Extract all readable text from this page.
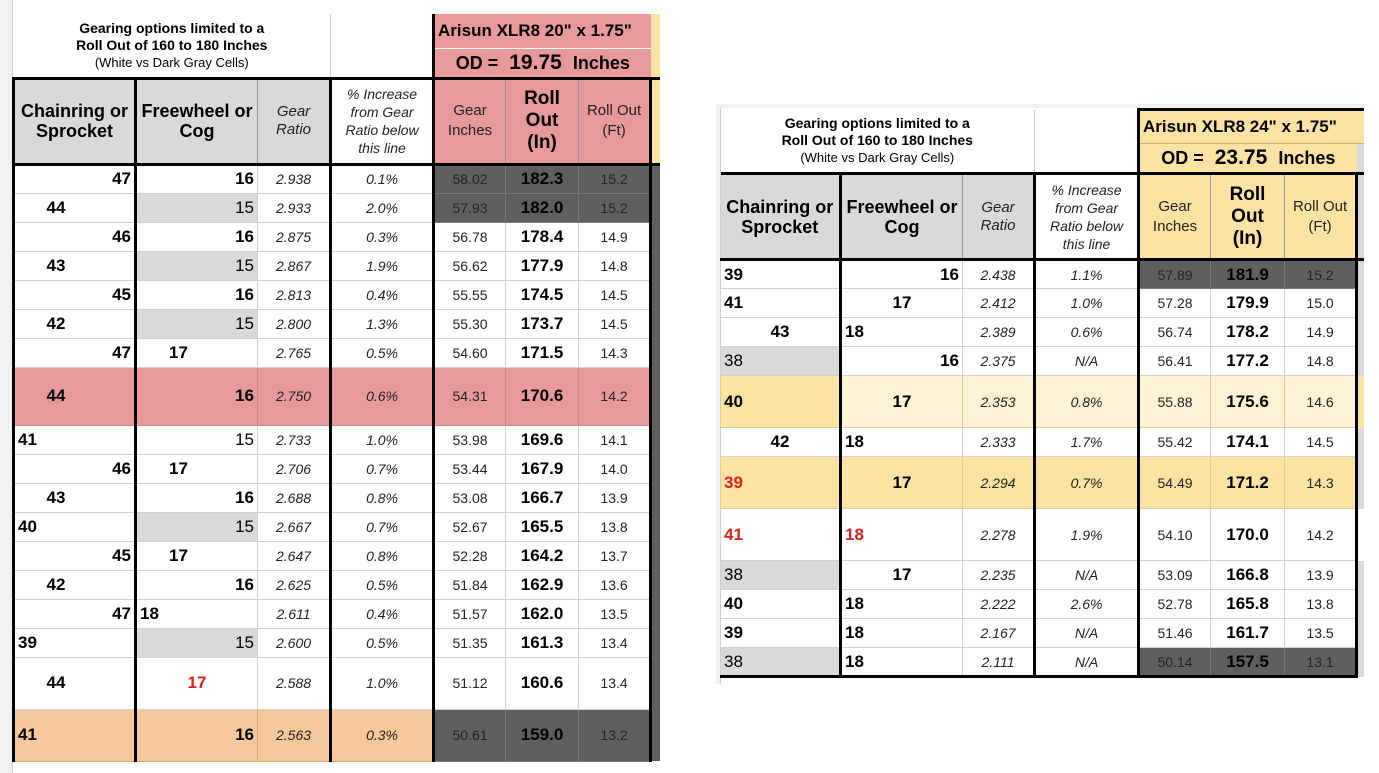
Gearing options limited to a
Roll Out of 160 to 180 Inches
(White vs Dark Gray Cells)				Arisun XLR8 20" x 1.75"			
				OD = 19.75 Inches			
Chainring or Sprocket	Freewheel or Cog	Gear Ratio	% Increase from Gear Ratio below this line	Gear Inches	Roll Out (In)	Roll Out (Ft)	
47	16	2.938	0.1%	58.02	182.3	15.2	
44	15	2.933	2.0%	57.93	182.0	15.2	
46	16	2.875	0.3%	56.78	178.4	14.9	
43	15	2.867	1.9%	56.62	177.9	14.8	
45	16	2.813	0.4%	55.55	174.5	14.5	
42	15	2.800	1.3%	55.30	173.7	14.5	
47	17	2.765	0.5%	54.60	171.5	14.3	
44	16	2.750	0.6%	54.31	170.6	14.2	
41	15	2.733	1.0%	53.98	169.6	14.1	
46	17	2.706	0.7%	53.44	167.9	14.0	
43	16	2.688	0.8%	53.08	166.7	13.9	
40	15	2.667	0.7%	52.67	165.5	13.8	
45	17	2.647	0.8%	52.28	164.2	13.7	
42	16	2.625	0.5%	51.84	162.9	13.6	
47	18	2.611	0.4%	51.57	162.0	13.5	
39	15	2.600	0.5%	51.35	161.3	13.4	
44	17	2.588	1.0%	51.12	160.6	13.4	
41	16	2.563	0.3%	50.61	159.0	13.2	
Gearing options limited to a
Roll Out of 160 to 180 Inches
(White vs Dark Gray Cells)				Arisun XLR8 24" x 1.75"			
				OD = 23.75 Inches			
Chainring or Sprocket	Freewheel or Cog	Gear Ratio	% Increase from Gear Ratio below this line	Gear Inches	Roll Out (In)	Roll Out (Ft)	
39	16	2.438	1.1%	57.89	181.9	15.2	
41	17	2.412	1.0%	57.28	179.9	15.0	
43	18	2.389	0.6%	56.74	178.2	14.9	
38	16	2.375	N/A	56.41	177.2	14.8	
40	17	2.353	0.8%	55.88	175.6	14.6	
42	18	2.333	1.7%	55.42	174.1	14.5	
39	17	2.294	0.7%	54.49	171.2	14.3	
41	18	2.278	1.9%	54.10	170.0	14.2	
38	17	2.235	N/A	53.09	166.8	13.9	
40	18	2.222	2.6%	52.78	165.8	13.8	
39	18	2.167	N/A	51.46	161.7	13.5	
38	18	2.111	N/A	50.14	157.5	13.1	
